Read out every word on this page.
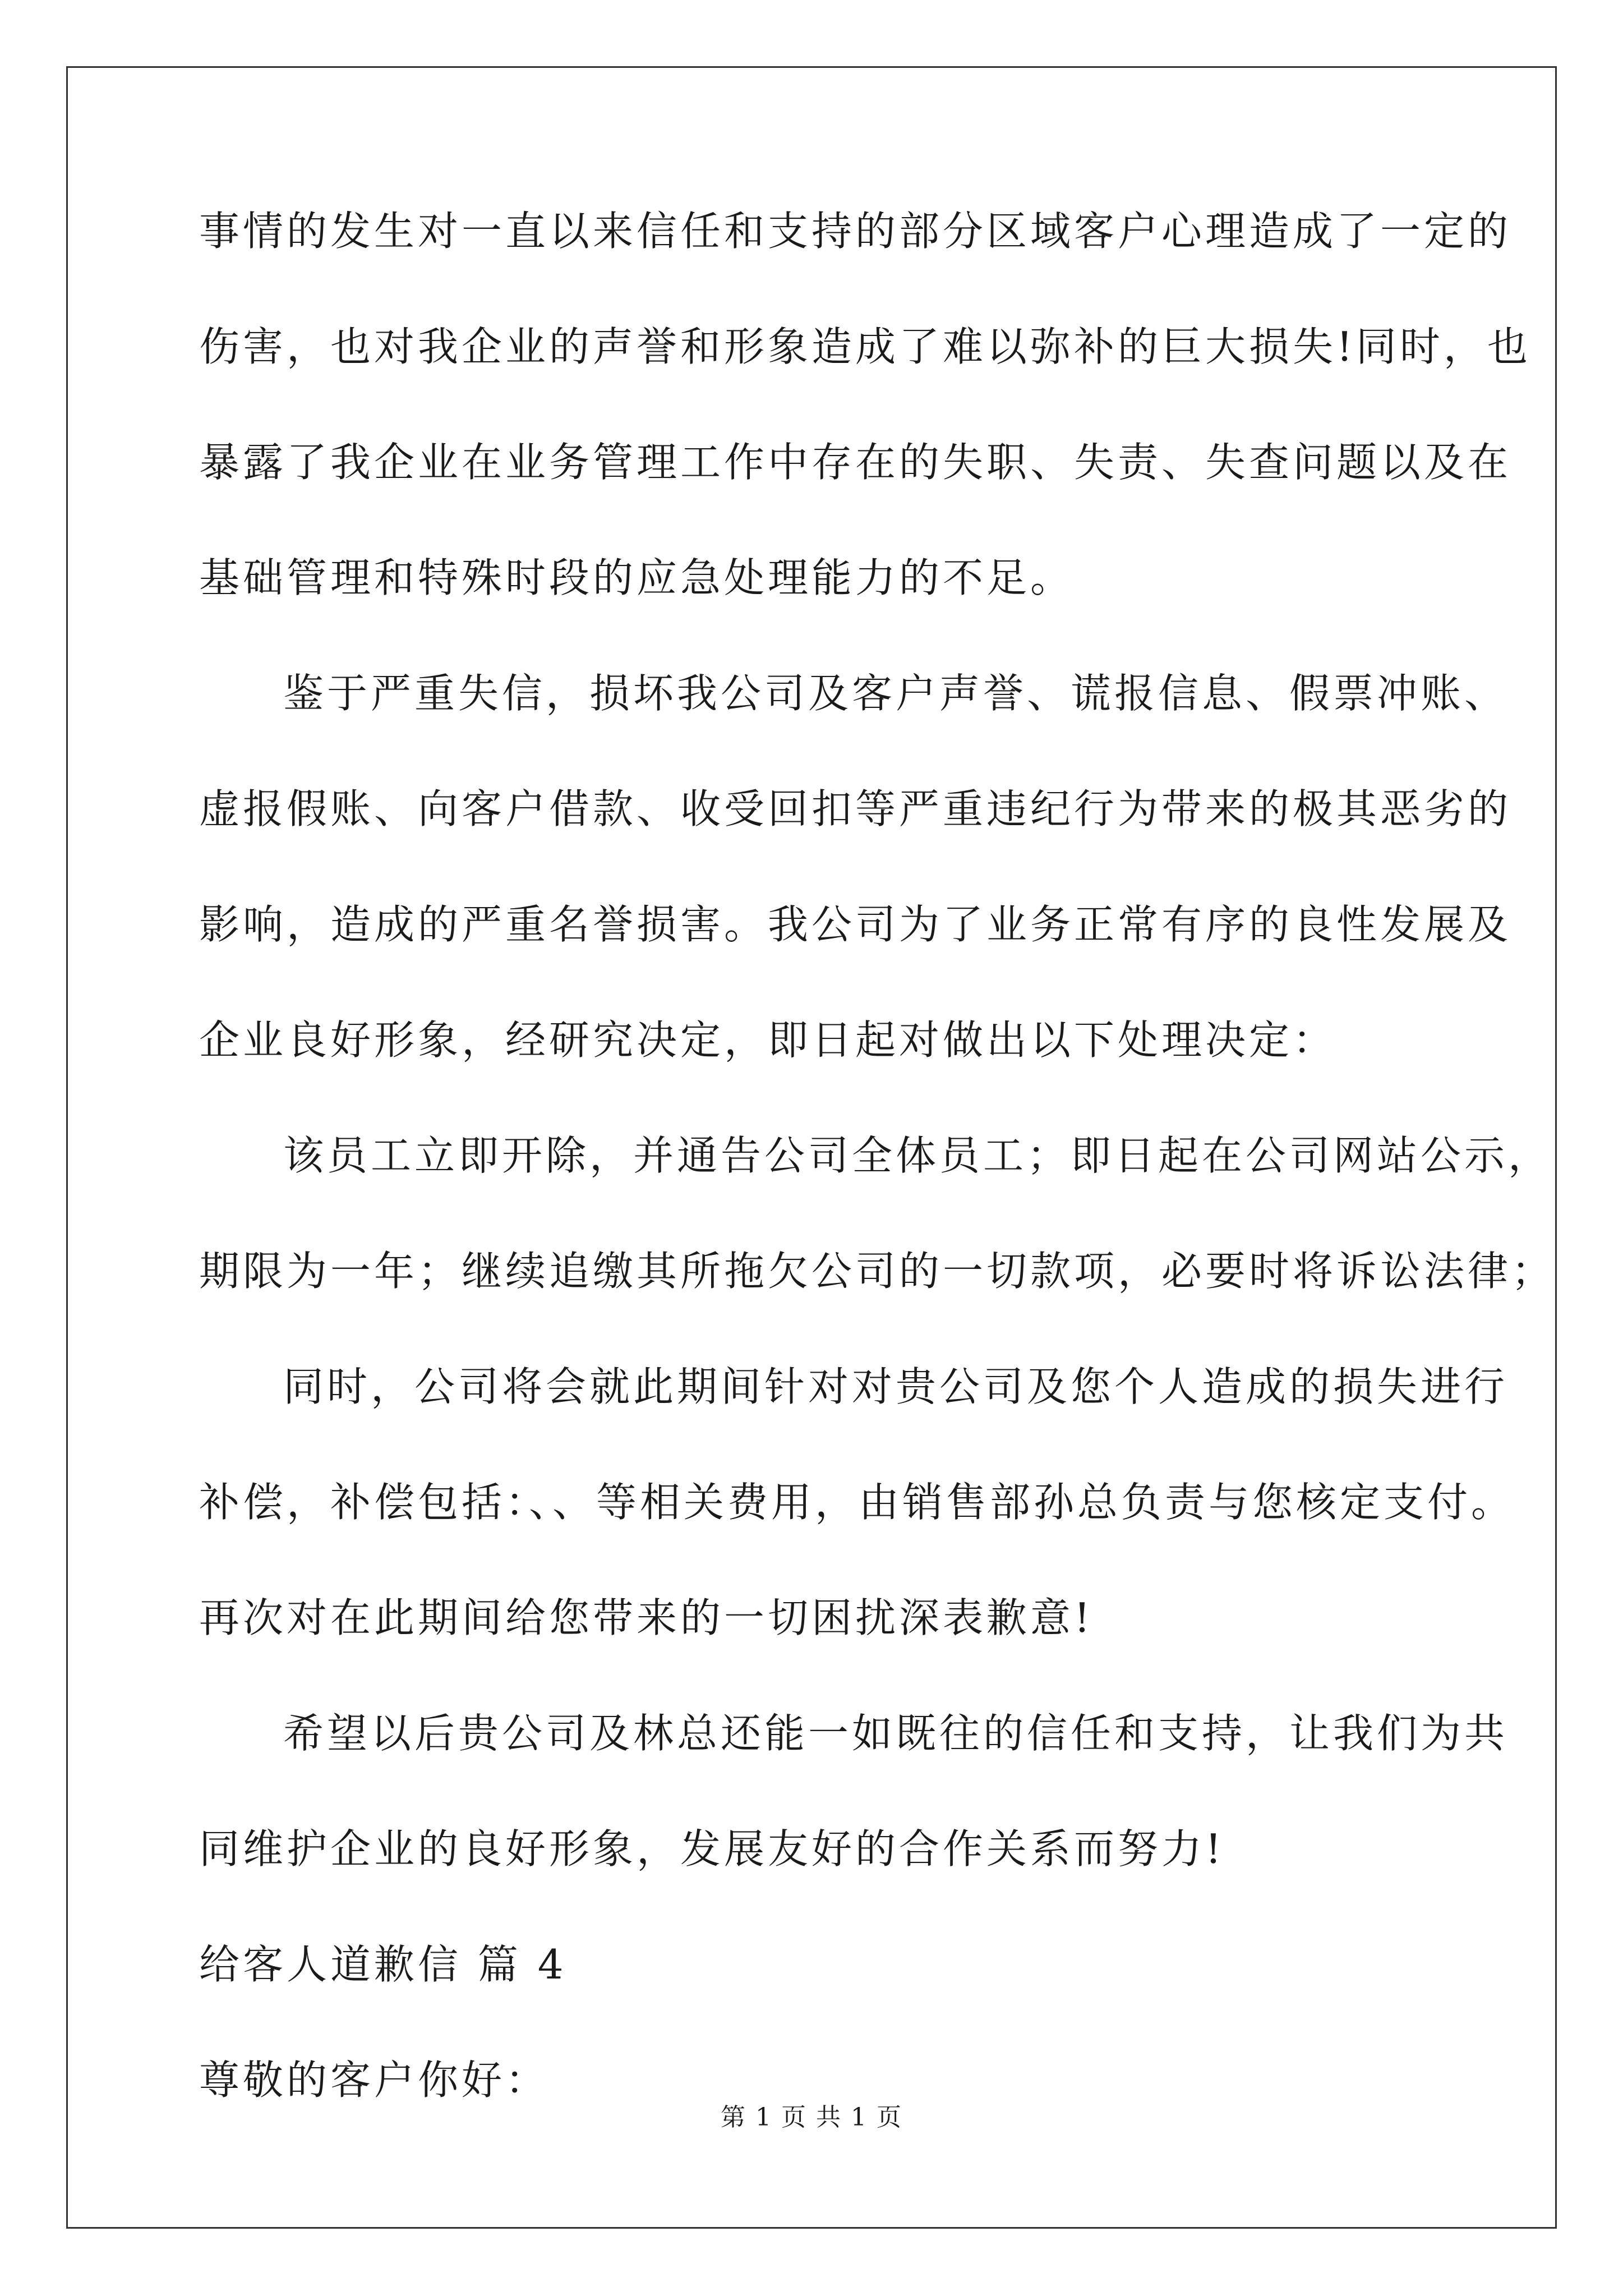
事情的发生对一直以来信任和支持的部分区域客户心理造成了一定的
伤害，也对我企业的声誉和形象造成了难以弥补的巨大损失!同时，也
暴露了我企业在业务管理工作中存在的失职、失责、失查问题以及在
基础管理和特殊时段的应急处理能力的不足。
鉴于严重失信，损坏我公司及客户声誉、谎报信息、假票冲账、
虚报假账、向客户借款、收受回扣等严重违纪行为带来的极其恶劣的
影响，造成的严重名誉损害。我公司为了业务正常有序的良性发展及
企业良好形象，经研究决定，即日起对做出以下处理决定：
该员工立即开除，并通告公司全体员工；即日起在公司网站公示，
期限为一年；继续追缴其所拖欠公司的一切款项，必要时将诉讼法律；
同时，公司将会就此期间针对对贵公司及您个人造成的损失进行
补偿，补偿包括：、、等相关费用，由销售部孙总负责与您核定支付。
再次对在此期间给您带来的一切困扰深表歉意!
希望以后贵公司及林总还能一如既往的信任和支持，让我们为共
同维护企业的良好形象，发展友好的合作关系而努力!
给客人道歉信 篇 4
尊敬的客户你好：
第 1 页 共 1 页
